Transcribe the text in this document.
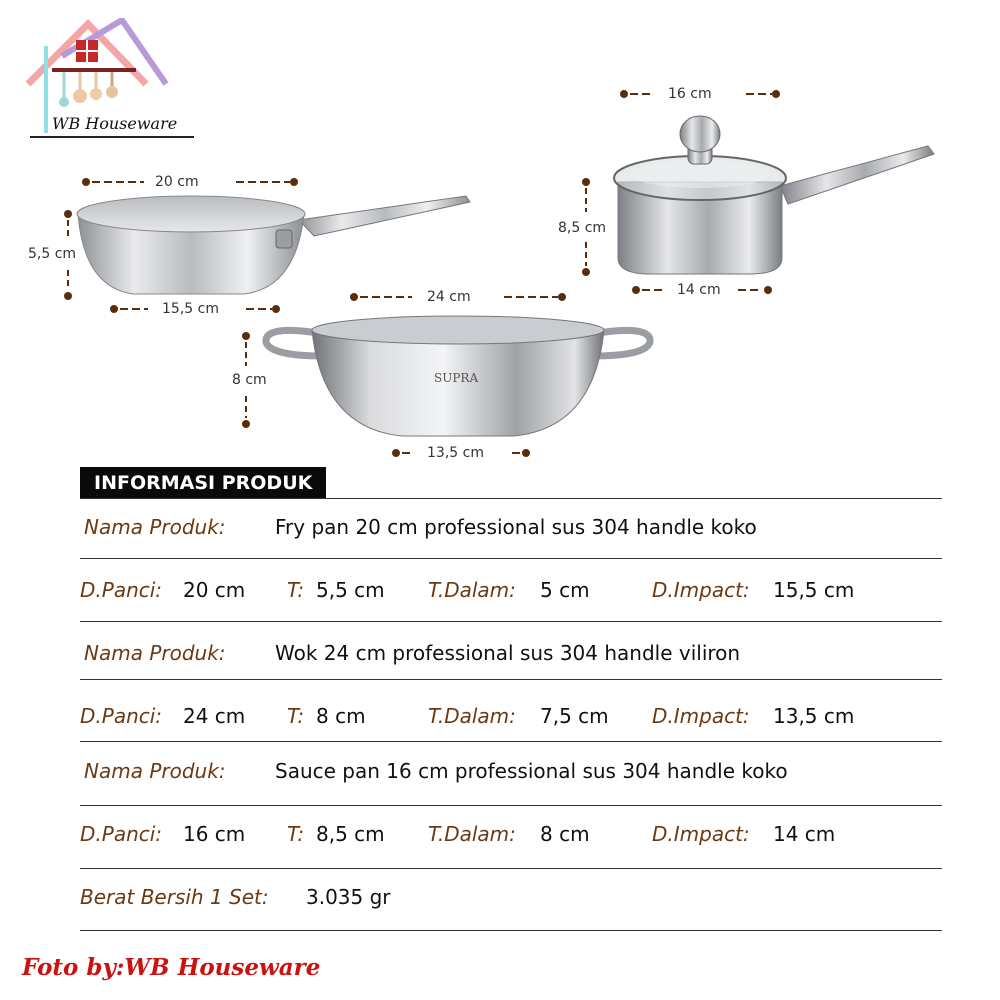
WB Houseware
SUPRA
20 cm
5,5 cm
15,5 cm
24 cm
8 cm
13,5 cm
16 cm
8,5 cm
14 cm
INFORMASI PRODUK
Nama Produk: Fry pan 20 cm professional sus 304 handle koko
D.Panci: 20 cm T: 5,5 cm T.Dalam: 5 cm	D.Impact: 15,5 cm
Nama Produk: Wok 24 cm professional sus 304 handle viliron
D.Panci: 24 cm T: 8 cm	T.Dalam: 7,5 cm D.Impact: 13,5 cm
Nama Produk: Sauce pan 16 cm professional sus 304 handle koko
D.Panci: 16 cm T: 8,5 cm T.Dalam: 8 cm	D.Impact: 14 cm
Berat Bersih 1 Set: 3.035 gr
Foto by:WB Houseware
